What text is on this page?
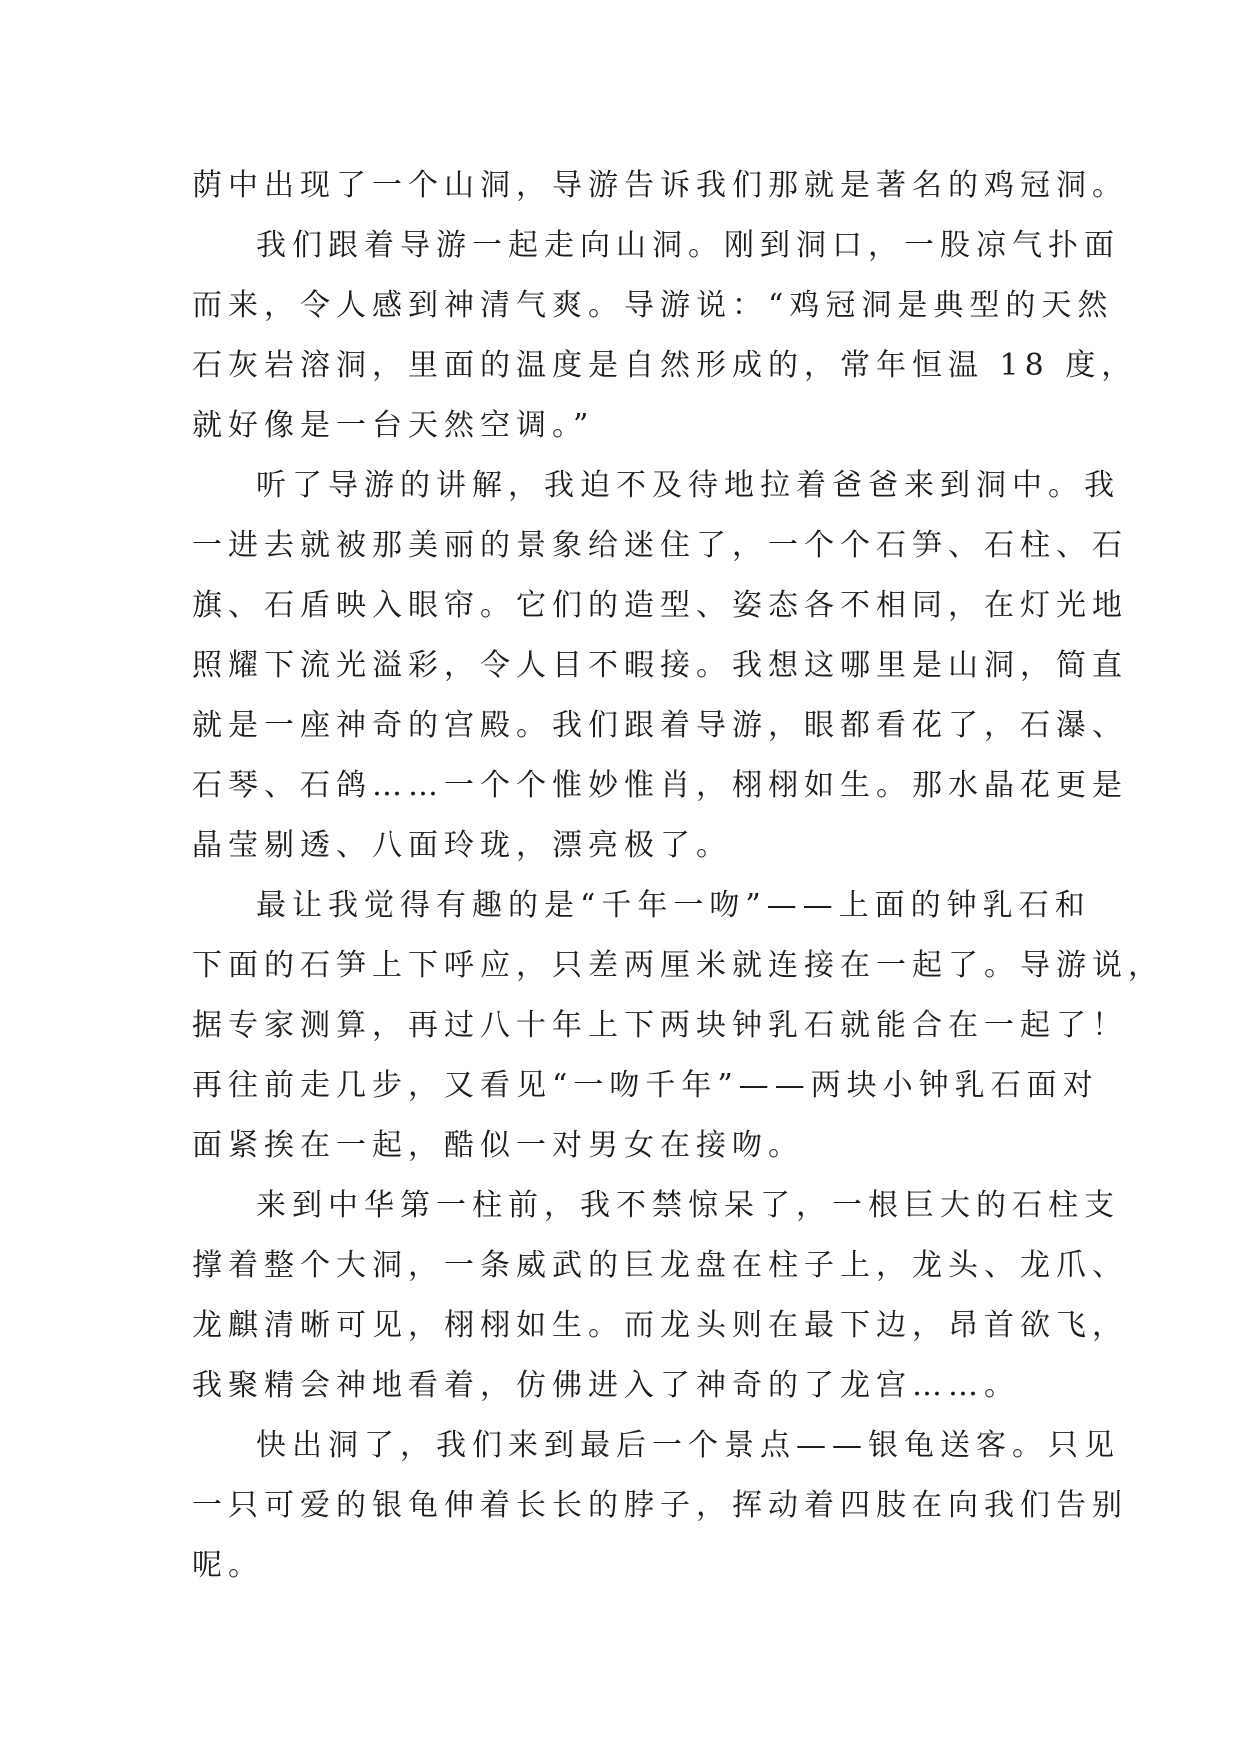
荫中出现了一个山洞，导游告诉我们那就是著名的鸡冠洞。

我们跟着导游一起走向山洞。刚到洞口，一股凉气扑面
而来，令人感到神清气爽。导游说：“鸡冠洞是典型的天然
石灰岩溶洞，里面的温度是自然形成的，常年恒温 18 度，
就好像是一台天然空调。”

听了导游的讲解，我迫不及待地拉着爸爸来到洞中。我
一进去就被那美丽的景象给迷住了，一个个石笋、石柱、石
旗、石盾映入眼帘。它们的造型、姿态各不相同，在灯光地
照耀下流光溢彩，令人目不暇接。我想这哪里是山洞，简直
就是一座神奇的宫殿。我们跟着导游，眼都看花了，石瀑、
石琴、石鸽……一个个惟妙惟肖，栩栩如生。那水晶花更是
晶莹剔透、八面玲珑，漂亮极了。

最让我觉得有趣的是“千年一吻”——上面的钟乳石和
下面的石笋上下呼应，只差两厘米就连接在一起了。导游说，
据专家测算，再过八十年上下两块钟乳石就能合在一起了！
再往前走几步，又看见“一吻千年”——两块小钟乳石面对
面紧挨在一起，酷似一对男女在接吻。

来到中华第一柱前，我不禁惊呆了，一根巨大的石柱支
撑着整个大洞，一条威武的巨龙盘在柱子上，龙头、龙爪、
龙麒清晰可见，栩栩如生。而龙头则在最下边，昂首欲飞，
我聚精会神地看着，仿佛进入了神奇的了龙宫……。

快出洞了，我们来到最后一个景点——银龟送客。只见
一只可爱的银龟伸着长长的脖子，挥动着四肢在向我们告别
呢。
